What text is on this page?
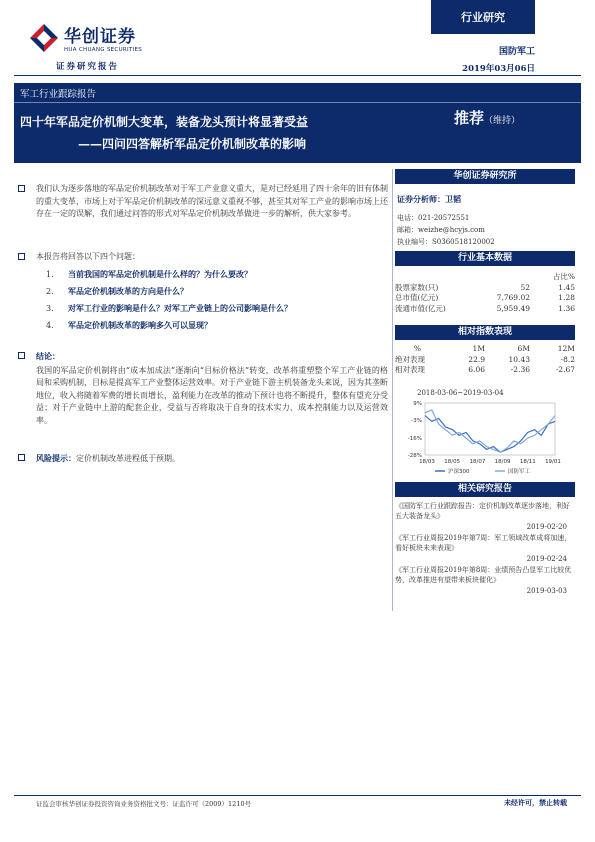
行业研究
华创证券
HUA CHUANG SECURITIES
证券研究报告
国防军工
2019年03月06日
军工行业跟踪报告
四十年军品定价机制大变革，装备龙头预计将显著受益
——四问四答解析军品定价机制改革的影响
推荐（维持）
我们认为逐步落地的军品定价机制改革对于军工产业意义重大，是对已经延用了四十余年的旧有体制的重大变革，市场上对于军品定价机制改革的深远意义重视不够，甚至其对军工产业的影响市场上还存在一定的误解，我们通过问答的形式对军品定价机制改革做进一步的解析，供大家参考。
本报告将回答以下四个问题：
1. 当前我国的军品定价机制是什么样的？为什么要改？
2. 军品定价机制改革的方向是什么？
3. 对军工行业的影响是什么？对军工产业链上的公司影响是什么？
4. 军品定价机制改革的影响多久可以显现？
结论：
我国的军品定价机制将由“成本加成法”逐渐向“目标价格法”转变，改革将重塑整个军工产业链的格局和采购机制，目标是提高军工产业整体运营效率。对于产业链下游主机装备龙头来说，因为其垄断地位，收入将随着军费的增长而增长，盈利能力在改革的推动下预计也将不断提升，整体有望充分受益；对于产业链中上游的配套企业，受益与否将取决于自身的技术实力、成本控制能力以及运营效率。
风险提示：定价机制改革进程低于预期。
华创证券研究所
证券分析师：卫韬
电话：021-20572551
邮箱：weizhe@hcyjs.com
执业编号：S0360518120002
行业基本数据
占比%
股票家数(只)	52	1.45
总市值(亿元)	7,769.02	1.28
流通市值(亿元)	5,959.49	1.36
相对指数表现
%	1M	6M	12M
绝对表现	22.9	10.43	-8.2
相对表现	6.06	-2.36	-2.67
2018-03-06~2019-03-04
9%
-3%
-16%
-28%
18/03 18/05 18/07 18/09 18/11 19/01
沪深300	国防军工
相关研究报告
《国防军工行业跟踪报告：定价机制改革逐步落地，利好五大装备龙头》
2019-02-20
《军工行业周报2019年第7周：军工领域改革成将加速，看好板块未来表现》
2019-02-24
《军工行业周报2019年第8周：业绩预告凸显军工比较优势，改革推进有望带来板块催化》
2019-03-03
证监会审核华创证券投资咨询业务资格批文号：证监许可（2009）1210号	未经许可，禁止转载
